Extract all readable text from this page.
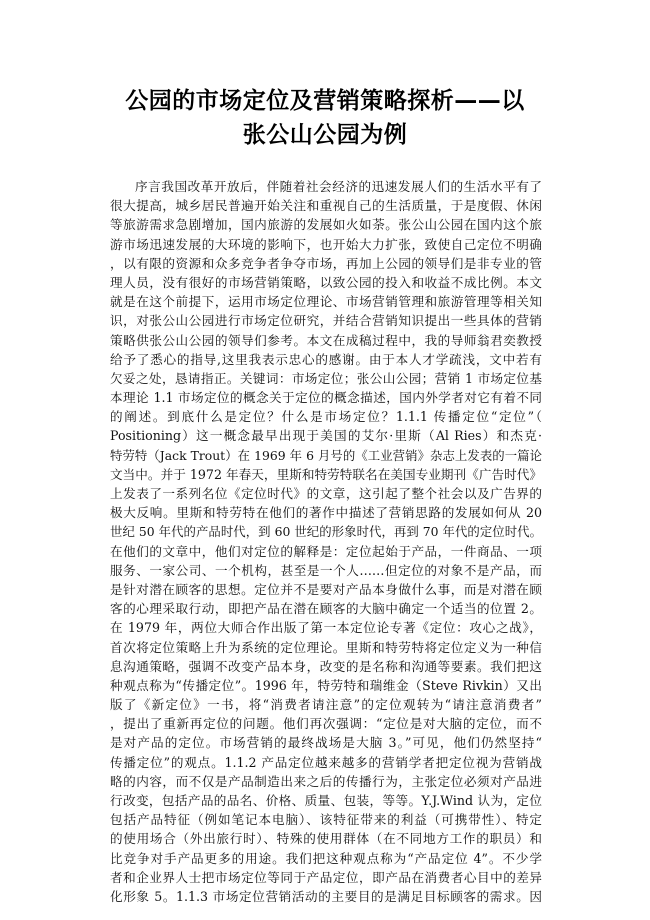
公园的市场定位及营销策略探析——以
张公山公园为例
序言我国改革开放后，伴随着社会经济的迅速发展人们的生活水平有了
很大提高，城乡居民普遍开始关注和重视自己的生活质量，于是度假、休闲
等旅游需求急剧增加，国内旅游的发展如火如荼。张公山公园在国内这个旅
游市场迅速发展的大环境的影响下，也开始大力扩张，致使自己定位不明确
，以有限的资源和众多竞争者争夺市场，再加上公园的领导们是非专业的管
理人员，没有很好的市场营销策略，以致公园的投入和收益不成比例。本文
就是在这个前提下，运用市场定位理论、市场营销管理和旅游管理等相关知
识，对张公山公园进行市场定位研究，并结合营销知识提出一些具体的营销
策略供张公山公园的领导们参考。本文在成稿过程中，我的导师翁君奕教授
给予了悉心的指导,这里我表示忠心的感谢。由于本人才学疏浅，文中若有
欠妥之处，恳请指正。关键词：市场定位；张公山公园；营销 1 市场定位基
本理论 1.1 市场定位的概念关于定位的概念描述，国内外学者对它有着不同
的阐述。到底什么是定位？什么是市场定位？1.1.1 传播定位“定位”（
Positioning）这一概念最早出现于美国的艾尔·里斯（Al Ries）和杰克·
特劳特（Jack Trout）在 1969 年 6 月号的《工业营销》杂志上发表的一篇论
文当中。并于 1972 年春天，里斯和特劳特联名在美国专业期刊《广告时代》
上发表了一系列名位《定位时代》的文章，这引起了整个社会以及广告界的
极大反响。里斯和特劳特在他们的著作中描述了营销思路的发展如何从 20
世纪 50 年代的产品时代，到 60 世纪的形象时代，再到 70 年代的定位时代。
在他们的文章中，他们对定位的解释是：定位起始于产品，一件商品、一项
服务、一家公司、一个机构，甚至是一个人……但定位的对象不是产品，而
是针对潜在顾客的思想。定位并不是要对产品本身做什么事，而是对潜在顾
客的心理采取行动，即把产品在潜在顾客的大脑中确定一个适当的位置 2。
在 1979 年，两位大师合作出版了第一本定位论专著《定位：攻心之战》，
首次将定位策略上升为系统的定位理论。里斯和特劳特将定位定义为一种信
息沟通策略，强调不改变产品本身，改变的是名称和沟通等要素。我们把这
种观点称为“传播定位”。1996 年，特劳特和瑞维金（Steve Rivkin）又出
版了《新定位》一书，将“消费者请注意”的定位观转为“请注意消费者”
，提出了重新再定位的问题。他们再次强调：“定位是对大脑的定位，而不
是对产品的定位。市场营销的最终战场是大脑 3。”可见，他们仍然坚持“
传播定位”的观点。1.1.2 产品定位越来越多的营销学者把定位视为营销战
略的内容，而不仅是产品制造出来之后的传播行为，主张定位必须对产品进
行改变，包括产品的品名、价格、质量、包装，等等。Y.J.Wind 认为，定位
包括产品特征（例如笔记本电脑）、该特征带来的利益（可携带性）、特定
的使用场合（外出旅行时）、特殊的使用群体（在不同地方工作的职员）和
比竞争对手产品更多的用途。我们把这种观点称为“产品定位 4”。不少学
者和企业界人士把市场定位等同于产品定位，即产品在消费者心目中的差异
化形象 5。1.1.3 市场定位营销活动的主要目的是满足目标顾客的需求。因
